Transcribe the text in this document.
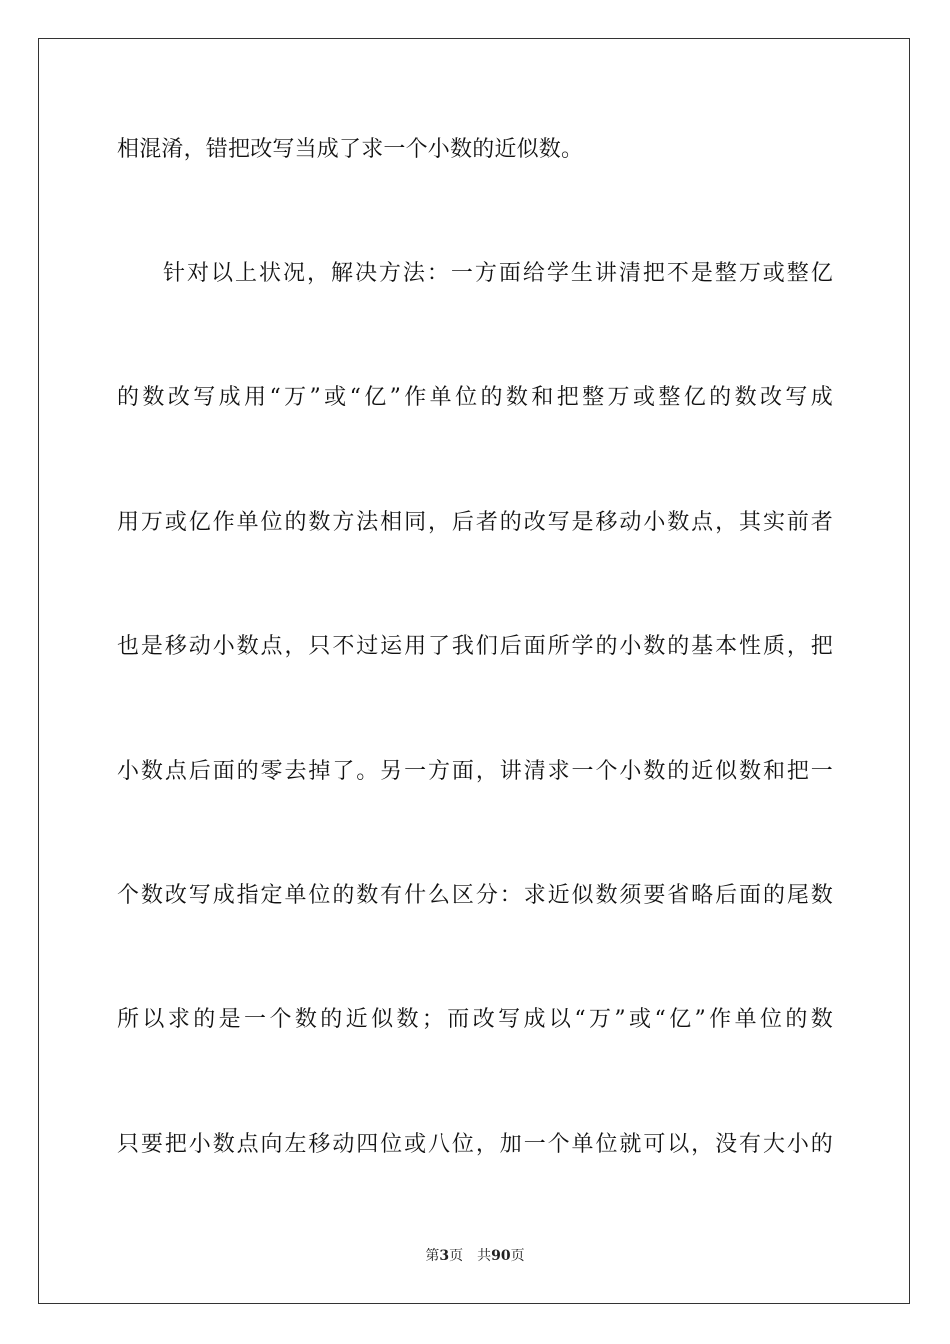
相混淆，错把改写当成了求一个小数的近似数。
针对以上状况，解决方法：一方面给学生讲清把不是整万或整亿
的数改写成用“万”或“亿”作单位的数和把整万或整亿的数改写成
用万或亿作单位的数方法相同，后者的改写是移动小数点，其实前者
也是移动小数点，只不过运用了我们后面所学的小数的基本性质，把
小数点后面的零去掉了。另一方面，讲清求一个小数的近似数和把一
个数改写成指定单位的数有什么区分：求近似数须要省略后面的尾数
所以求的是一个数的近似数；而改写成以“万”或“亿”作单位的数
只要把小数点向左移动四位或八位，加一个单位就可以，没有大小的
第3页 共90页
